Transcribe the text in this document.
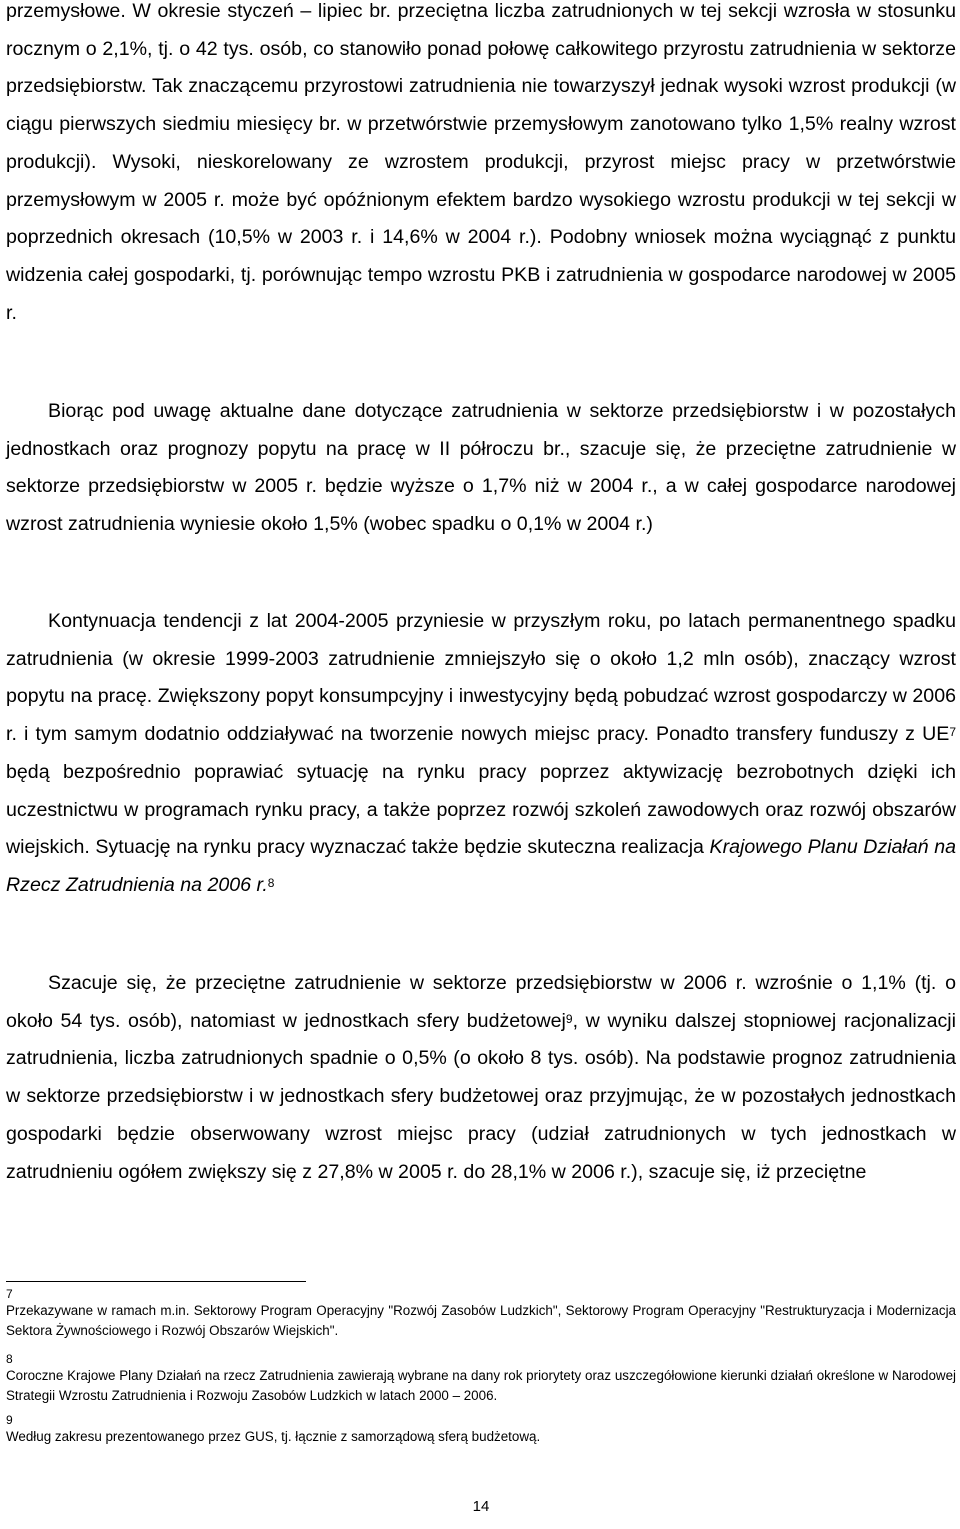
przemysłowe. W okresie styczeń – lipiec br. przeciętna liczba zatrudnionych w tej sekcji wzrosła w stosunku rocznym o 2,1%, tj. o 42 tys. osób, co stanowiło ponad połowę całkowitego przyrostu zatrudnienia w sektorze przedsiębiorstw. Tak znaczącemu przyrostowi zatrudnienia nie towarzyszył jednak wysoki wzrost produkcji (w ciągu pierwszych siedmiu miesięcy br. w przetwórstwie przemysłowym zanotowano tylko 1,5% realny wzrost produkcji). Wysoki, nieskorelowany ze wzrostem produkcji, przyrost miejsc pracy w przetwórstwie przemysłowym w 2005 r. może być opóźnionym efektem bardzo wysokiego wzrostu produkcji w tej sekcji w poprzednich okresach (10,5% w 2003 r. i 14,6% w 2004 r.). Podobny wniosek można wyciągnąć z punktu widzenia całej gospodarki, tj. porównując tempo wzrostu PKB i zatrudnienia w gospodarce narodowej w 2005 r.

Biorąc pod uwagę aktualne dane dotyczące zatrudnienia w sektorze przedsiębiorstw i w pozostałych jednostkach oraz prognozy popytu na pracę w II półroczu br., szacuje się, że przeciętne zatrudnienie w sektorze przedsiębiorstw w 2005 r. będzie wyższe o 1,7% niż w 2004 r., a w całej gospodarce narodowej wzrost zatrudnienia wyniesie około 1,5% (wobec spadku o 0,1% w 2004 r.)

Kontynuacja tendencji z lat 2004-2005 przyniesie w przyszłym roku, po latach permanentnego spadku zatrudnienia (w okresie 1999-2003 zatrudnienie zmniejszyło się o około 1,2 mln osób), znaczący wzrost popytu na pracę. Zwiększony popyt konsumpcyjny i inwestycyjny będą pobudzać wzrost gospodarczy w 2006 r. i tym samym dodatnio oddziaływać na tworzenie nowych miejsc pracy. Ponadto transfery funduszy z $UE^7$ będą bezpośrednio poprawiać sytuację na rynku pracy poprzez aktywizację bezrobotnych dzięki ich uczestnictwu w programach rynku pracy, a także poprzez rozwój szkoleń zawodowych oraz rozwój obszarów wiejskich. Sytuację na rynku pracy wyznaczać także będzie skuteczna realizacja Krajowego Planu Działań na Rzecz Zatrudnienia na 2006 r.$^8$

Szacuje się, że przeciętne zatrudnienie w sektorze przedsiębiorstw w 2006 r. wzrośnie o 1,1% (tj. o około 54 tys. osób), natomiast w jednostkach sfery budżetowej$^9$, w wyniku dalszej stopniowej racjonalizacji zatrudnienia, liczba zatrudnionych spadnie o 0,5% (o około 8 tys. osób). Na podstawie prognoz zatrudnienia w sektorze przedsiębiorstw i w jednostkach sfery budżetowej oraz przyjmując, że w pozostałych jednostkach gospodarki będzie obserwowany wzrost miejsc pracy (udział zatrudnionych w tych jednostkach w zatrudnieniu ogółem zwiększy się z 27,8% w 2005 r. do 28,1% w 2006 r.), szacuje się, iż przeciętne

7
Przekazywane w ramach m.in. Sektorowy Program Operacyjny "Rozwój Zasobów Ludzkich", Sektorowy Program Operacyjny "Restrukturyzacja i Modernizacja Sektora Żywnościowego i Rozwój Obszarów Wiejskich".
8
Coroczne Krajowe Plany Działań na rzecz Zatrudnienia zawierają wybrane na dany rok priorytety oraz uszczegółowione kierunki działań określone w Narodowej Strategii Wzrostu Zatrudnienia i Rozwoju Zasobów Ludzkich w latach 2000 – 2006.
9
Według zakresu prezentowanego przez GUS, tj. łącznie z samorządową sferą budżetową.
14
